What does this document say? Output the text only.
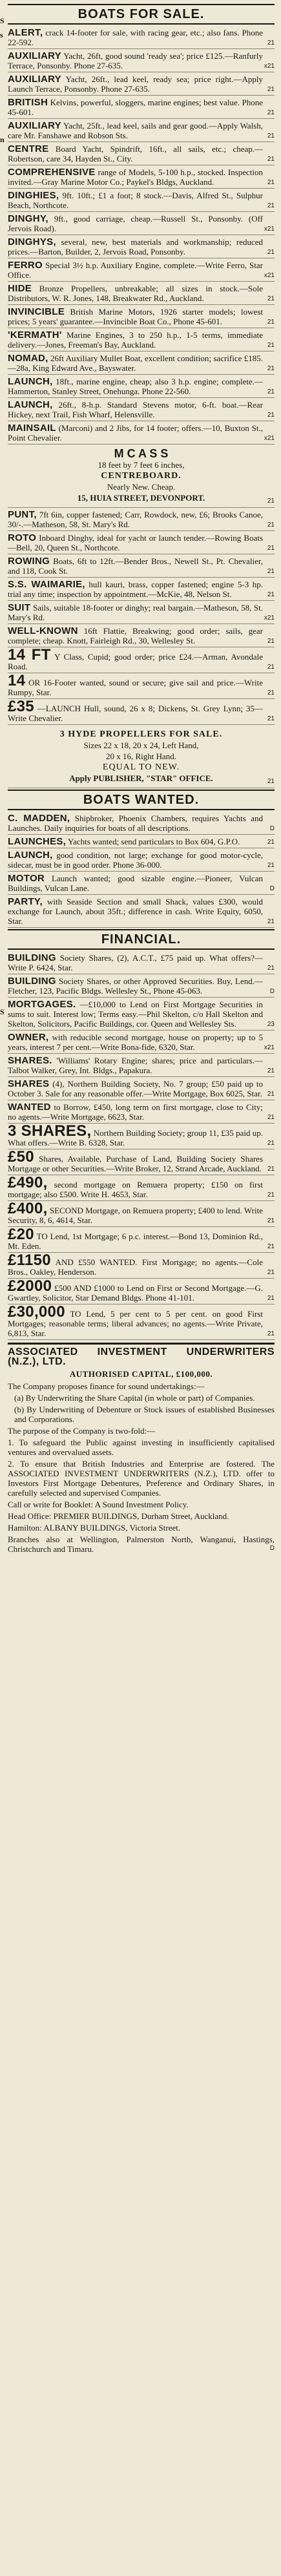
S
s
n
S
BOATS FOR SALE.
ALERT, crack 14-footer for sale, with racing gear, etc.; also fans. Phone 22-592.	21
AUXILIARY Yacht, 26ft, good sound 'ready sea'; price £125.—Ranfurly Terrace, Ponsonby. Phone 27-635.	x21
AUXILIARY Yacht, 26ft., lead keel, ready sea; price right.—Apply Launch Terrace, Ponsonby. Phone 27-635.	21
BRITISH Kelvins, powerful, sloggers, marine engines; best value. Phone 45-601.	21
AUXILIARY Yacht, 25ft., lead keel, sails and gear good.—Apply Walsh, care Mr. Fanshawe and Robson Sts.	21
CENTRE Board Yacht, Spindrift, 16ft., all sails, etc.; cheap.—Robertson, care 34, Hayden St., City.	21
COMPREHENSIVE range of Models, 5-100 h.p., stocked. Inspection invited.—Gray Marine Motor Co.; Paykel's Bldgs, Auckland.	21
DINGHIES, 9ft. 10ft.; £1 a foot; 8 stock.—Davis, Alfred St., Sulphur Beach, Northcote.	21
DINGHY, 9ft., good carriage, cheap.—Russell St., Ponsonby. (Off Jervois Road).	x21
DINGHYS, several, new, best materials and workmanship; reduced prices.—Barton, Builder, 2, Jervois Road, Ponsonby.	21
FERRO Special 3½ h.p. Auxiliary Engine, complete.—Write Ferro, Star Office.	x21
HIDE Bronze Propellers, unbreakable; all sizes in stock.—Sole Distributors, W. R. Jones, 148, Breakwater Rd., Auckland.	21
INVINCIBLE British Marine Motors, 1926 starter models; lowest prices; 5 years' guarantee.—Invincible Boat Co., Phone 45-601.	21
'KERMATH' Marine Engines, 3 to 250 h.p., 1-5 terms, immediate delivery.—Jones, Freeman's Bay, Auckland.	21
NOMAD, 26ft Auxiliary Mullet Boat, excellent condition; sacrifice £185.—28a, King Edward Ave., Bayswater.	21
LAUNCH, 18ft., marine engine, cheap; also 3 h.p. engine; complete.—Hammerton, Stanley Street, Onehunga. Phone 22-560.	21
LAUNCH, 26ft., 8-h.p. Standard Stevens motor, 6-ft. boat.—Rear Hickey, next Trail, Fish Wharf, Helensville.	21
MAINSAIL (Marconi) and 2 Jibs, for 14 footer; offers.—10, Buxton St., Point Chevalier.	x21
M C A S S
18 feet by 7 feet 6 inches,
CENTREBOARD.
Nearly New. Cheap.
15, HUIA STREET, DEVONPORT.	21
PUNT, 7ft 6in, copper fastened; Carr, Rowdock, new, £6; Brooks Canoe, 30/-.—Matheson, 58, St. Mary's Rd.	21
ROTO Inboard Dinghy, ideal for yacht or launch tender.—Rowing Boats—Bell, 20, Queen St., Northcote.	21
ROWING Boats, 6ft to 12ft.—Bender Bros., Newell St., Pt. Chevalier, and 118, Cook St.	21
S.S. WAIMARIE, hull kauri, brass, copper fastened; engine 5-3 hp. trial any time; inspection by appointment.—McKie, 48, Nelson St.	21
SUIT Sails, suitable 18-footer or dinghy; real bargain.—Matheson, 58, St. Mary's Rd.	x21
WELL-KNOWN 16ft Flattie, Breakwing; good order; sails, gear complete; cheap. Knott, Fairleigh Rd., 30, Wellesley St.	21
14 FT Y Class, Cupid; good order; price £24.—Arman, Avondale Road.	21
14 OR 16-Footer wanted, sound or secure; give sail and price.—Write Rumpy, Star.	21
£35 —LAUNCH Hull, sound, 26 x 8; Dickens, St. Grey Lynn; 35—Write Chevalier.	21
3 HYDE PROPELLERS FOR SALE.
Sizes 22 x 18, 20 x 24, Left Hand,
20 x 16, Right Hand.
EQUAL TO NEW.
Apply PUBLISHER, "STAR" OFFICE.	21
BOATS WANTED.
C. MADDEN, Shipbroker, Phoenix Chambers, requires Yachts and Launches. Daily inquiries for boats of all descriptions.	D
LAUNCHES, Yachts wanted; send particulars to Box 604, G.P.O.	21
LAUNCH, good condition, not large; exchange for good motor-cycle, sidecar, must be in good order. Phone 36-000.	21
MOTOR Launch wanted; good sizable engine.—Pioneer, Vulcan Buildings, Vulcan Lane.	D
PARTY, with Seaside Section and small Shack, values £300, would exchange for Launch, about 35ft.; difference in cash. Write Equity, 6050, Star.	21
FINANCIAL.
BUILDING Society Shares, (2), A.C.T., £75 paid up. What offers?—Write P. 6424, Star.	21
BUILDING Society Shares, or other Approved Securities. Buy, Lend.—Fletcher, 123, Pacific Bldgs. Wellesley St., Phone 45-063.	D
MORTGAGES. —£10,000 to Lend on First Mortgage Securities in sums to suit. Interest low; Terms easy.—Phil Skelton, c/o Hall Skelton and Skelton, Solicitors, Pacific Buildings, cor. Queen and Wellesley Sts.	23
OWNER, with reducible second mortgage, house on property; up to 5 years, interest 7 per cent.—Write Bona-fide, 6320, Star.	x21
SHARES. 'Williams' Rotary Engine; shares; price and particulars.—Talbot Walker, Grey, Int. Bldgs., Papakura.	21
SHARES (4), Northern Building Society, No. 7 group; £50 paid up to October 3. Sale for any reasonable offer.—Write Mortgage, Box 6025, Star. 21
WANTED to Borrow, £450, long term on first mortgage, close to City; no agents.—Write Mortgage, 6623, Star.	21
3 SHARES, Northern Building Society; group 11, £35 paid up. What offers.—Write B. 6328, Star.	21
£50 Shares, Available, Purchase of Land, Building Society Shares Mortgage or other Securities.—Write Broker, 12, Strand Arcade, Auckland. 21
£490, second mortgage on Remuera property; £150 on first mortgage; also £500. Write H. 4653, Star.	21
£400, SECOND Mortgage, on Remuera property; £400 to lend. Write Security, 8, 6, 4614, Star.	21
£20 TO Lend, 1st Mortgage; 6 p.c. interest.—Bond 13, Dominion Rd., Mt. Eden.	21
£1150 AND £550 WANTED. First Mortgage; no agents.—Cole Bros., Oakley, Henderson.	21
£2000 £500 AND £1000 to Lend on First or Second Mortgage.—G. Gwartley, Solicitor, Star Demand Bldgs. Phone 41-101.	21
£30,000 TO Lend, 5 per cent to 5 per cent. on good First Mortgages; reasonable terms; liberal advances; no agents.—Write Private, 6,813, Star.	21
ASSOCIATED INVESTMENT UNDERWRITERS (N.Z.), LTD.
AUTHORISED CAPITAL, £100,000.

The Company proposes finance for sound undertakings:—

(a) By Underwriting the Share Capital (in whole or part) of Companies.

(b) By Underwriting of Debenture or Stock issues of established Businesses and Corporations.

The purpose of the Company is two-fold:—

1. To safeguard the Public against investing in insufficiently capitalised ventures and overvalued assets.

2. To ensure that British Industries and Enterprise are fostered. The ASSOCIATED INVESTMENT UNDERWRITERS (N.Z.), LTD. offer to Investors First Mortgage Debentures, Preference and Ordinary Shares, in carefully selected and supervised Companies.

Call or write for Booklet: A Sound Investment Policy.

Head Office: PREMIER BUILDINGS, Durham Street, Auckland.

Hamilton: ALBANY BUILDINGS, Victoria Street.

Branches also at Wellington, Palmerston North, Wanganui, Hastings, Christchurch and Timaru.	D
